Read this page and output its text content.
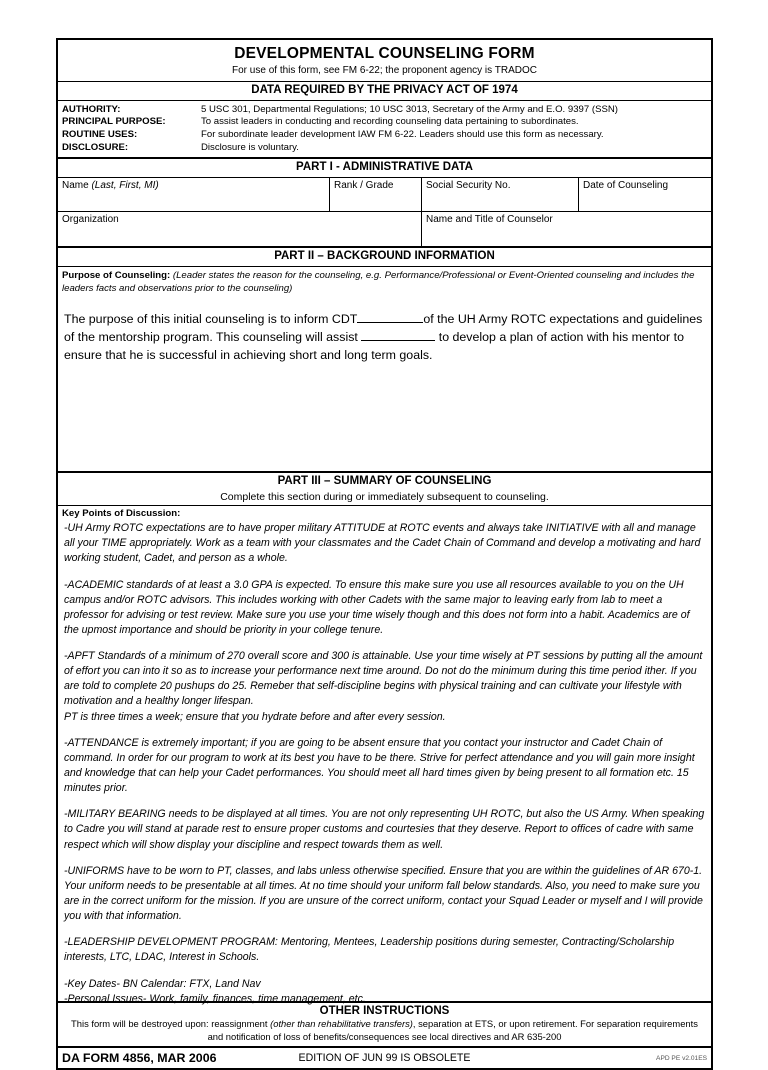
DEVELOPMENTAL COUNSELING FORM
For use of this form, see FM 6-22; the proponent agency is TRADOC
DATA REQUIRED BY THE PRIVACY ACT OF 1974
AUTHORITY:	5 USC 301, Departmental Regulations; 10 USC 3013, Secretary of the Army and E.O. 9397 (SSN)
PRINCIPAL PURPOSE:	To assist leaders in conducting and recording counseling data pertaining to subordinates.
ROUTINE USES:	For subordinate leader development IAW FM 6-22. Leaders should use this form as necessary.
DISCLOSURE:	Disclosure is voluntary.
PART I - ADMINISTRATIVE DATA
Name (Last, First, MI)	Rank / Grade	Social Security No.	Date of Counseling
Organization	Name and Title of Counselor
PART II – BACKGROUND INFORMATION
Purpose of Counseling: (Leader states the reason for the counseling, e.g. Performance/Professional or Event-Oriented counseling and includes the leaders facts and observations prior to the counseling)
The purpose of this initial counseling is to inform CDT	of the UH Army ROTC expectations and guidelines of the mentorship program. This counseling will assist	to develop a plan of action with his mentor to ensure that he is successful in achieving short and long term goals.
PART III – SUMMARY OF COUNSELING
Complete this section during or immediately subsequent to counseling.
Key Points of Discussion:

-UH Army ROTC expectations are to have proper military ATTITUDE at ROTC events and always take INITIATIVE with all and manage all your TIME appropriately. Work as a team with your classmates and the Cadet Chain of Command and develop a motivating and hard working student, Cadet, and person as a whole.

-ACADEMIC standards of at least a 3.0 GPA is expected. To ensure this make sure you use all resources available to you on the UH campus and/or ROTC advisors. This includes working with other Cadets with the same major to leaving early from lab to meet a professor for advising or test review. Make sure you use your time wisely though and this does not form into a habit. Academics are of the upmost importance and should be priority in your college tenure.

-APFT Standards of a minimum of 270 overall score and 300 is attainable. Use your time wisely at PT sessions by putting all the amount of effort you can into it so as to increase your performance next time around. Do not do the minimum during this time period ither. If you are told to complete 20 pushups do 25. Remeber that self-discipline begins with physical training and can cultivate your lifestyle with motivation and a healthy longer lifespan.

PT is three times a week; ensure that you hydrate before and after every session.

-ATTENDANCE is extremely important; if you are going to be absent ensure that you contact your instructor and Cadet Chain of command. In order for our program to work at its best you have to be there. Strive for perfect attendance and you will gain more insight and knowledge that can help your Cadet performances. You should meet all hard times given by being present to all formation etc. 15 minutes prior.

-MILITARY BEARING needs to be displayed at all times. You are not only representing UH ROTC, but also the US Army. When speaking to Cadre you will stand at parade rest to ensure proper customs and courtesies that they deserve. Report to offices of cadre with same respect which will show display your discipline and respect towards them as well.

-UNIFORMS have to be worn to PT, classes, and labs unless otherwise specified. Ensure that you are within the guidelines of AR 670-1. Your uniform needs to be presentable at all times. At no time should your uniform fall below standards. Also, you need to make sure you are in the correct uniform for the mission. If you are unsure of the correct uniform, contact your Squad Leader or myself and I will provide you with that information.

-LEADERSHIP DEVELOPMENT PROGRAM: Mentoring, Mentees, Leadership positions during semester, Contracting/Scholarship interests, LTC, LDAC, Interest in Schools.

-Key Dates- BN Calendar: FTX, Land Nav

-Personal Issues- Work, family, finances, time management, etc.

OTHER INSTRUCTIONS
This form will be destroyed upon: reassignment (other than rehabilitative transfers), separation at ETS, or upon retirement. For separation requirements and notification of loss of benefits/consequences see local directives and AR 635-200
DA FORM 4856, MAR 2006	EDITION OF JUN 99 IS OBSOLETE	APD PE v2.01ES
